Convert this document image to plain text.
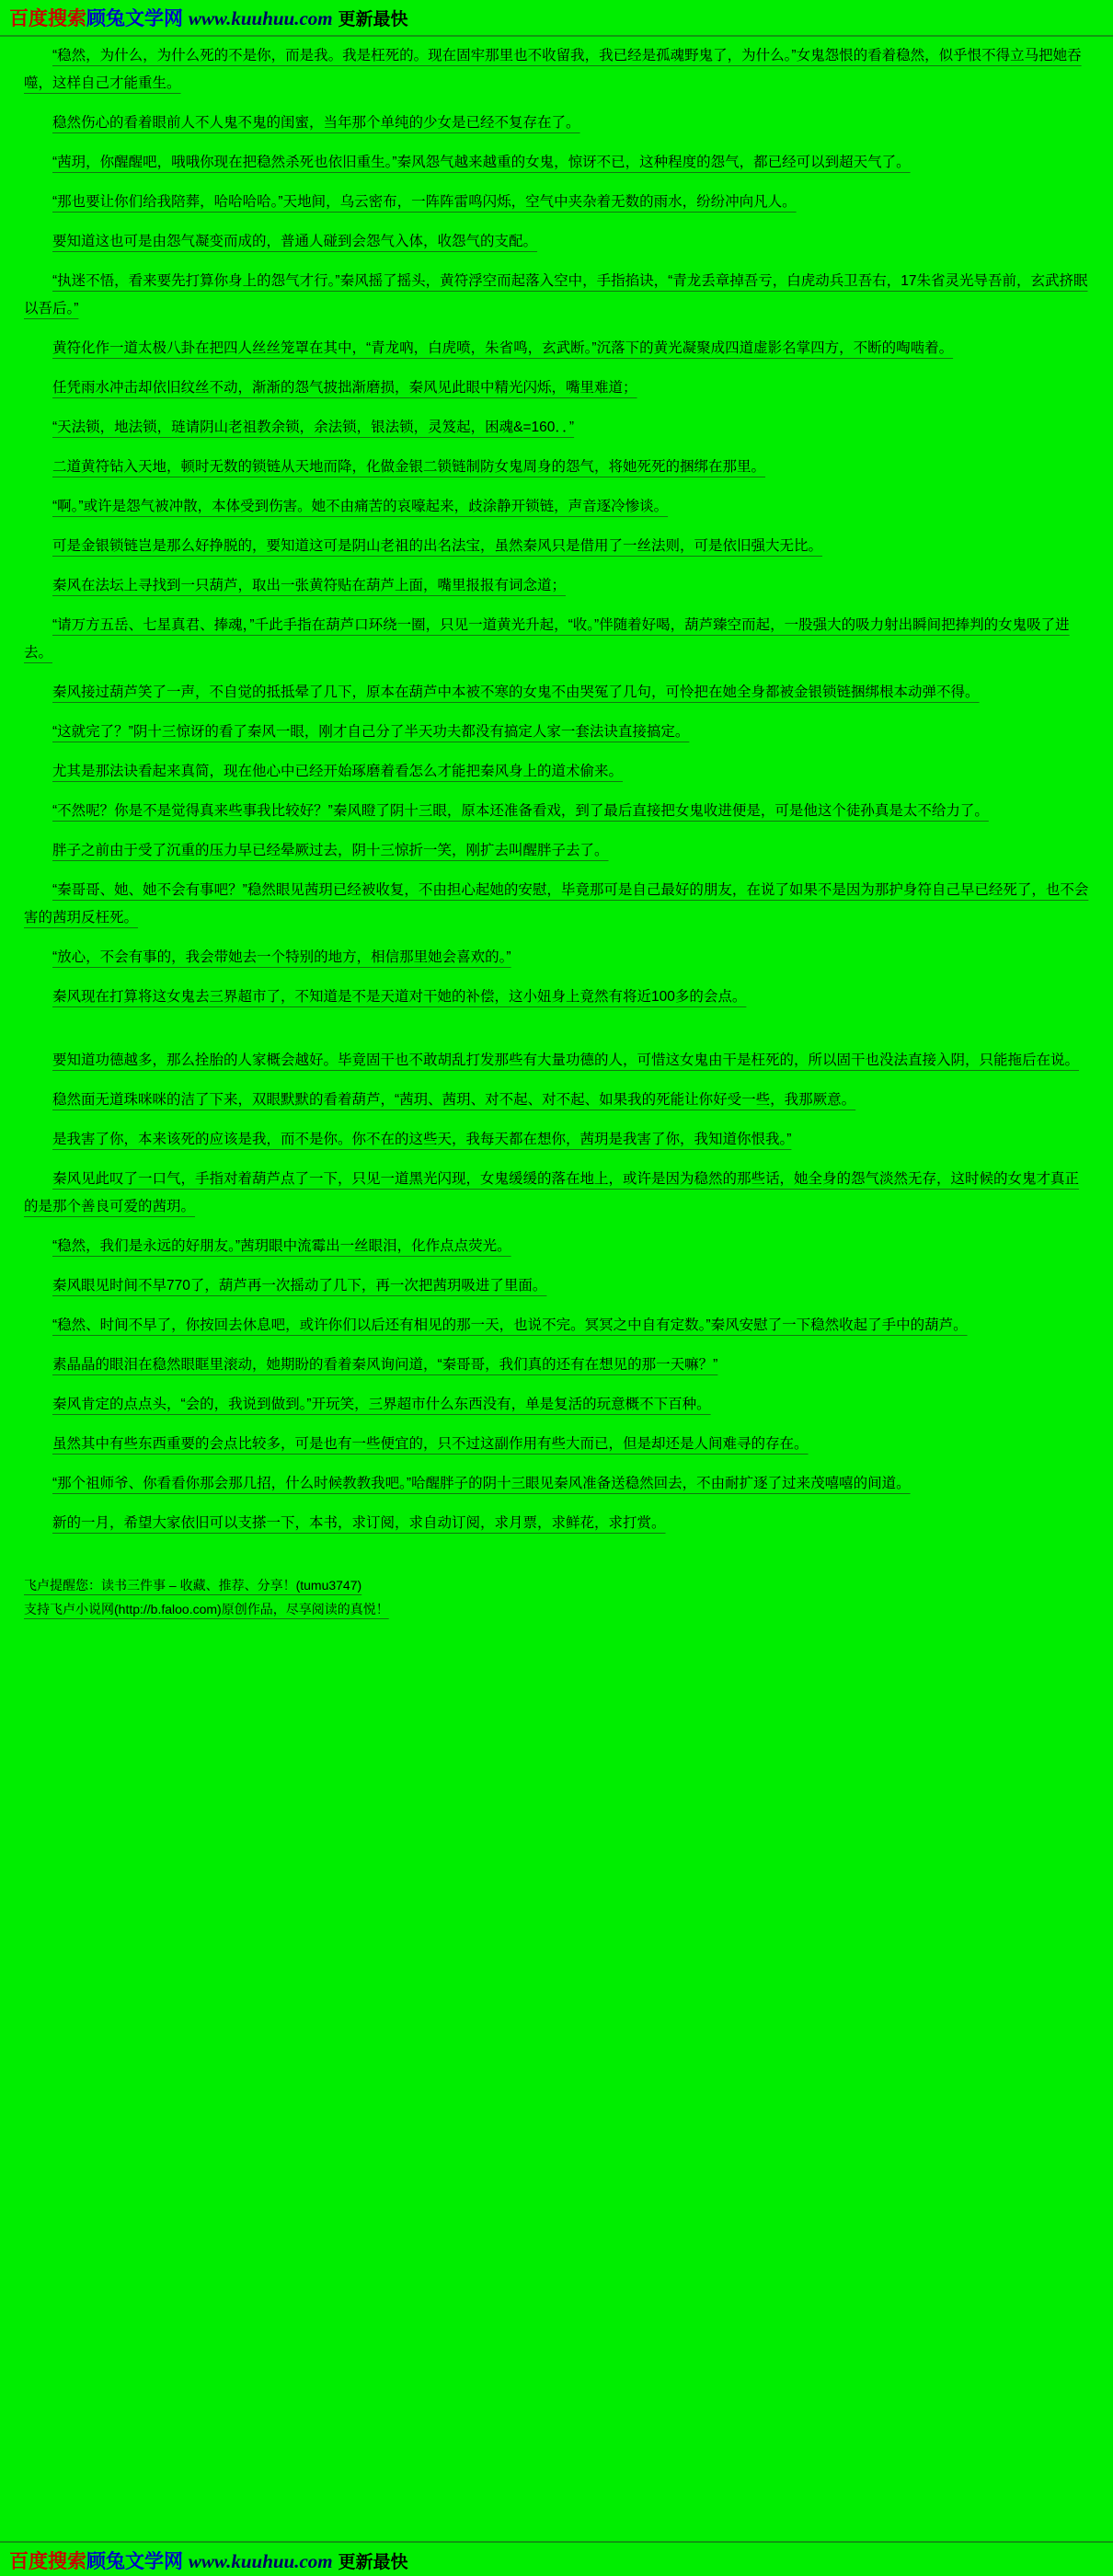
百度搜索顾兔文学网 www.kuuhuu.com 更新最快

“稳然，为什么，为什么死的不是你，而是我。我是枉死的。现在固牢那里也不收留我，我已经是孤魂野鬼了，为什么。”女鬼怨恨的看着稳然，似乎恨不得立马把她吞噬，这样自己才能重生。

稳然伤心的看着眼前人不人鬼不鬼的闺蜜，当年那个单纯的少女是已经不复存在了。

“茜玥，你醒醒吧，哦哦你现在把稳然杀死也依旧重生。”秦风怨气越来越重的女鬼，惊讶不已，这种程度的怨气，都已经可以到超天气了。

“那也要让你们给我陪葬，哈哈哈哈。”天地间，乌云密布，一阵阵雷鸣闪烁，空气中夹杂着无数的雨水，纷纷冲向凡人。

要知道这也可是由怨气凝变而成的，普通人碰到会怨气入体，收怨气的支配。

“执迷不悟，看来要先打算你身上的怨气才行。”秦风摇了摇头，黄符浮空而起落入空中，手指掐诀，“青龙丢章掉吾亏，白虎动兵卫吾右，17朱省灵光导吾前，玄武挤眠以吾后。”

黄符化作一道太极八卦在把四人丝丝笼罩在其中，“青龙吶，白虎喷，朱省鸣，玄武断。”沉落下的黄光凝聚成四道虚影名掌四方，不断的啕啮着。

任凭雨水冲击却依旧纹丝不动，渐渐的怨气披拙渐磨损，秦风见此眼中精光闪烁，嘴里难道；

“天法锁，地法锁，琏请阴山老祖教余锁，余法锁，银法锁，灵笈起，困魂&=160．．”

二道黄符钻入天地，顿时无数的锁链从天地而降，化做金银二锁链制防女鬼周身的怨气，将她死死的捆绑在那里。

“啊。”或许是怨气被冲散，本体受到伤害。她不由痛苦的哀嚎起来，歧涂静开锁链，声音逐冷惨谈。

可是金银锁链岂是那么好挣脱的，要知道这可是阴山老祖的出名法宝，虽然秦风只是借用了一丝法则，可是依旧强大无比。

秦风在法坛上寻找到一只葫芦，取出一张黄符贴在葫芦上面，嘴里报报有词念道；

“请万方五岳、七星真君、捧魂，”千此手指在葫芦口环绕一圈，只见一道黄光升起，“收。”伴随着好喝，葫芦臻空而起，一股强大的吸力射出瞬间把捧判的女鬼吸了进去。

秦风接过葫芦笑了一声，不自觉的抵抵晕了几下，原本在葫芦中本被不寒的女鬼不由哭冤了几句，可怜把在她全身都被金银锁链捆绑根本动弹不得。

“这就完了？”阴十三惊讶的看了秦风一眼，刚才自己分了半天功夫都没有搞定人家一套法诀直接搞定。

尤其是那法诀看起来真简，现在他心中已经开始琢磨着看怎么才能把秦风身上的道术偷来。

“不然呢？你是不是觉得真来些事我比较好？”秦风瞪了阴十三眼，原本还准备看戏，到了最后直接把女鬼收进便是，可是他这个徒孙真是太不给力了。

胖子之前由于受了沉重的压力早已经晕厥过去，阴十三惊折一笑，刚扩去叫醒胖子去了。

“秦哥哥、她、她不会有事吧？”稳然眼见茜玥已经被收复，不由担心起她的安慰，毕竟那可是自己最好的朋友，在说了如果不是因为那护身符自己早已经死了，也不会害的茜玥反枉死。

“放心，不会有事的，我会带她去一个特别的地方，相信那里她会喜欢的。”

秦风现在打算将这女鬼去三界超市了，不知道是不是天道对干她的补偿，这小妞身上竟然有将近100多的会点。

要知道功德越多，那么拴胎的人家概会越好。毕竟固干也不敢胡乱打发那些有大量功德的人，可惜这女鬼由干是枉死的，所以固干也没法直接入阴，只能拖后在说。

稳然面无道珠咪咪的洁了下来，双眼默默的看着葫芦，“茜玥、茜玥、对不起、对不起、如果我的死能让你好受一些，我那厥意。

是我害了你，本来该死的应该是我，而不是你。你不在的这些天，我每天都在想你，茜玥是我害了你，我知道你恨我。”

秦风见此叹了一口气，手指对着葫芦点了一下，只见一道黑光闪现，女鬼缓缓的落在地上，或许是因为稳然的那些话，她全身的怨气淡然无存，这时候的女鬼才真正的是那个善良可爱的茜玥。

“稳然，我们是永远的好朋友。”茜玥眼中流霉出一丝眼泪，化作点点荧光。

秦风眼见时间不早770了，葫芦再一次摇动了几下，再一次把茜玥吸进了里面。

“稳然、时间不早了，你按回去休息吧，或许你们以后还有相见的那一天，也说不完。冥冥之中自有定数。”秦风安慰了一下稳然收起了手中的葫芦。

素晶晶的眼泪在稳然眼眶里滚动，她期盼的看着秦风询问道，“秦哥哥，我们真的还有在想见的那一天嘛？”

秦风肯定的点点头，“会的，我说到做到。”开玩笑，三界超市什么东西没有，单是复活的玩意概不下百种。

虽然其中有些东西重要的会点比较多，可是也有一些便宜的，只不过这副作用有些大而已，但是却还是人间难寻的存在。

“那个祖师爷、你看看你那会那几招，什么时候教教我吧。”哈醒胖子的阴十三眼见秦风准备送稳然回去，不由耐扩逐了过来茂嘻嘻的间道。

新的一月，希望大家依旧可以支搽一下，本书，求订阅，求自动订阅，求月票，求鲜花，求打赏。

飞卢提醒您：读书三件事 – 收藏、推荐、分享！(tumu3747)
支持飞卢小说网(http://b.faloo.com)原创作品，尽享阅读的真悦！
百度搜索顾兔文学网 www.kuuhuu.com 更新最快
